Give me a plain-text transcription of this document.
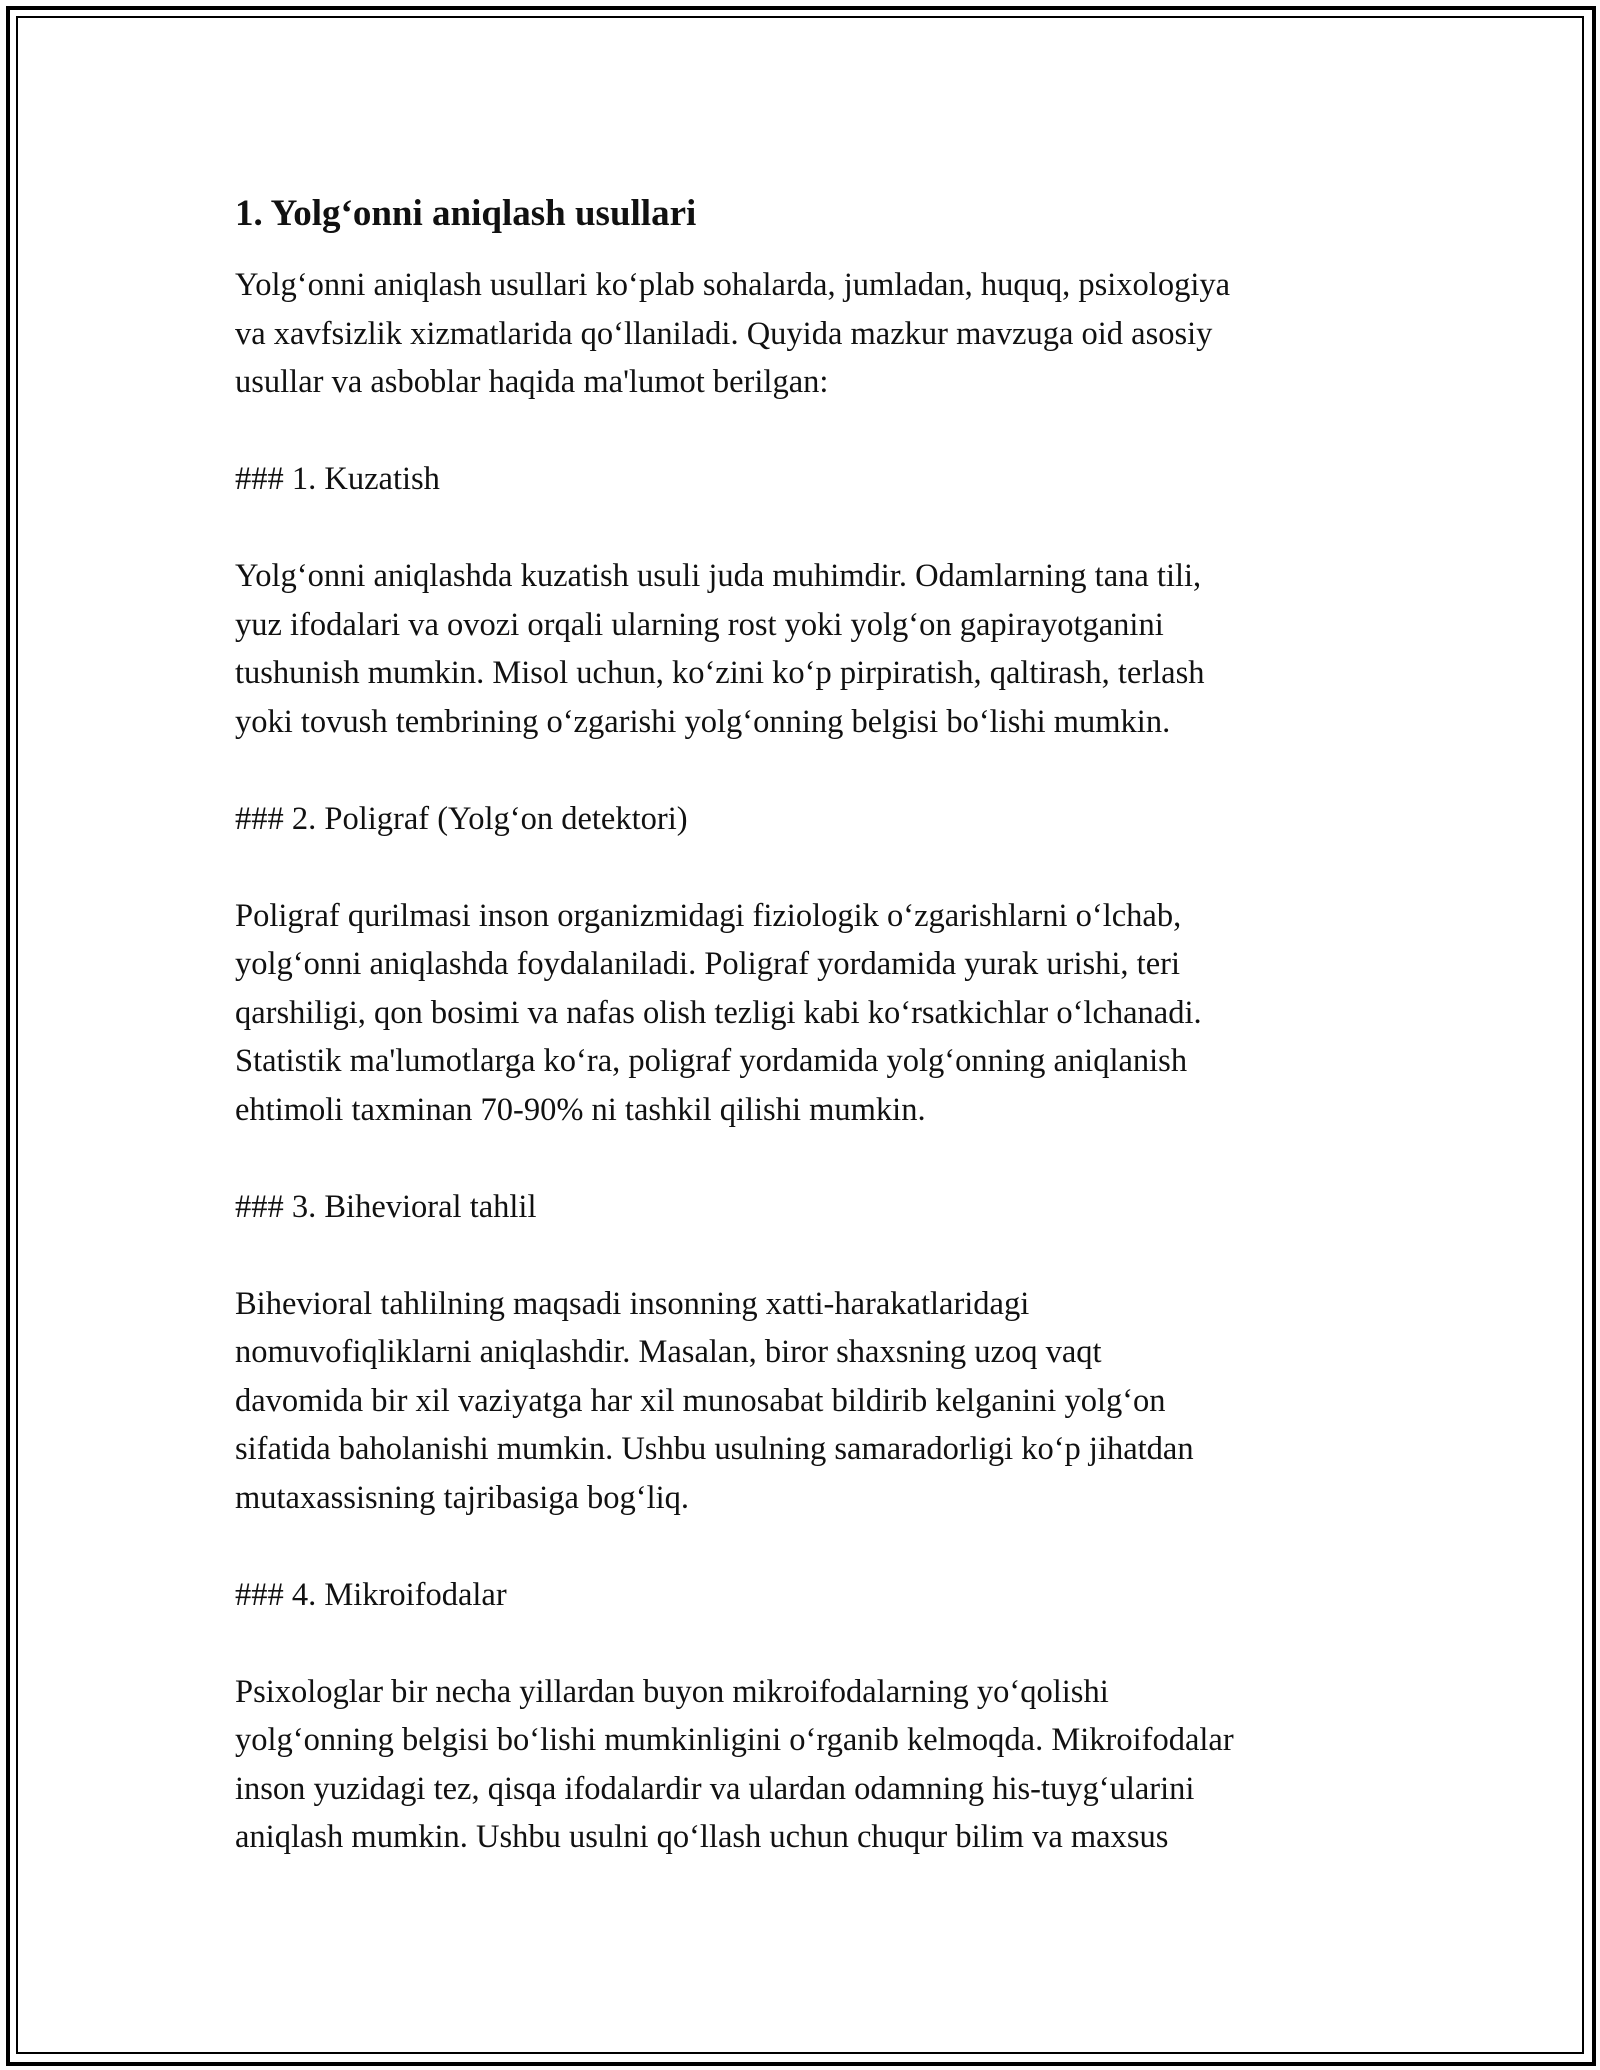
1. Yolg‘onni aniqlash usullari

Yolg‘onni aniqlash usullari ko‘plab sohalarda, jumladan, huquq, psixologiya
va xavfsizlik xizmatlarida qo‘llaniladi. Quyida mazkur mavzuga oid asosiy
usullar va asboblar haqida ma'lumot berilgan:

### 1. Kuzatish

Yolg‘onni aniqlashda kuzatish usuli juda muhimdir. Odamlarning tana tili,
yuz ifodalari va ovozi orqali ularning rost yoki yolg‘on gapirayotganini
tushunish mumkin. Misol uchun, ko‘zini ko‘p pirpiratish, qaltirash, terlash
yoki tovush tembrining o‘zgarishi yolg‘onning belgisi bo‘lishi mumkin.

### 2. Poligraf (Yolg‘on detektori)

Poligraf qurilmasi inson organizmidagi fiziologik o‘zgarishlarni o‘lchab,
yolg‘onni aniqlashda foydalaniladi. Poligraf yordamida yurak urishi, teri
qarshiligi, qon bosimi va nafas olish tezligi kabi ko‘rsatkichlar o‘lchanadi.
Statistik ma'lumotlarga ko‘ra, poligraf yordamida yolg‘onning aniqlanish
ehtimoli taxminan 70-90% ni tashkil qilishi mumkin.

### 3. Bihevioral tahlil

Bihevioral tahlilning maqsadi insonning xatti-harakatlaridagi
nomuvofiqliklarni aniqlashdir. Masalan, biror shaxsning uzoq vaqt
davomida bir xil vaziyatga har xil munosabat bildirib kelganini yolg‘on
sifatida baholanishi mumkin. Ushbu usulning samaradorligi ko‘p jihatdan
mutaxassisning tajribasiga bog‘liq.

### 4. Mikroifodalar

Psixologlar bir necha yillardan buyon mikroifodalarning yo‘qolishi
yolg‘onning belgisi bo‘lishi mumkinligini o‘rganib kelmoqda. Mikroifodalar
inson yuzidagi tez, qisqa ifodalardir va ulardan odamning his-tuyg‘ularini
aniqlash mumkin. Ushbu usulni qo‘llash uchun chuqur bilim va maxsus
